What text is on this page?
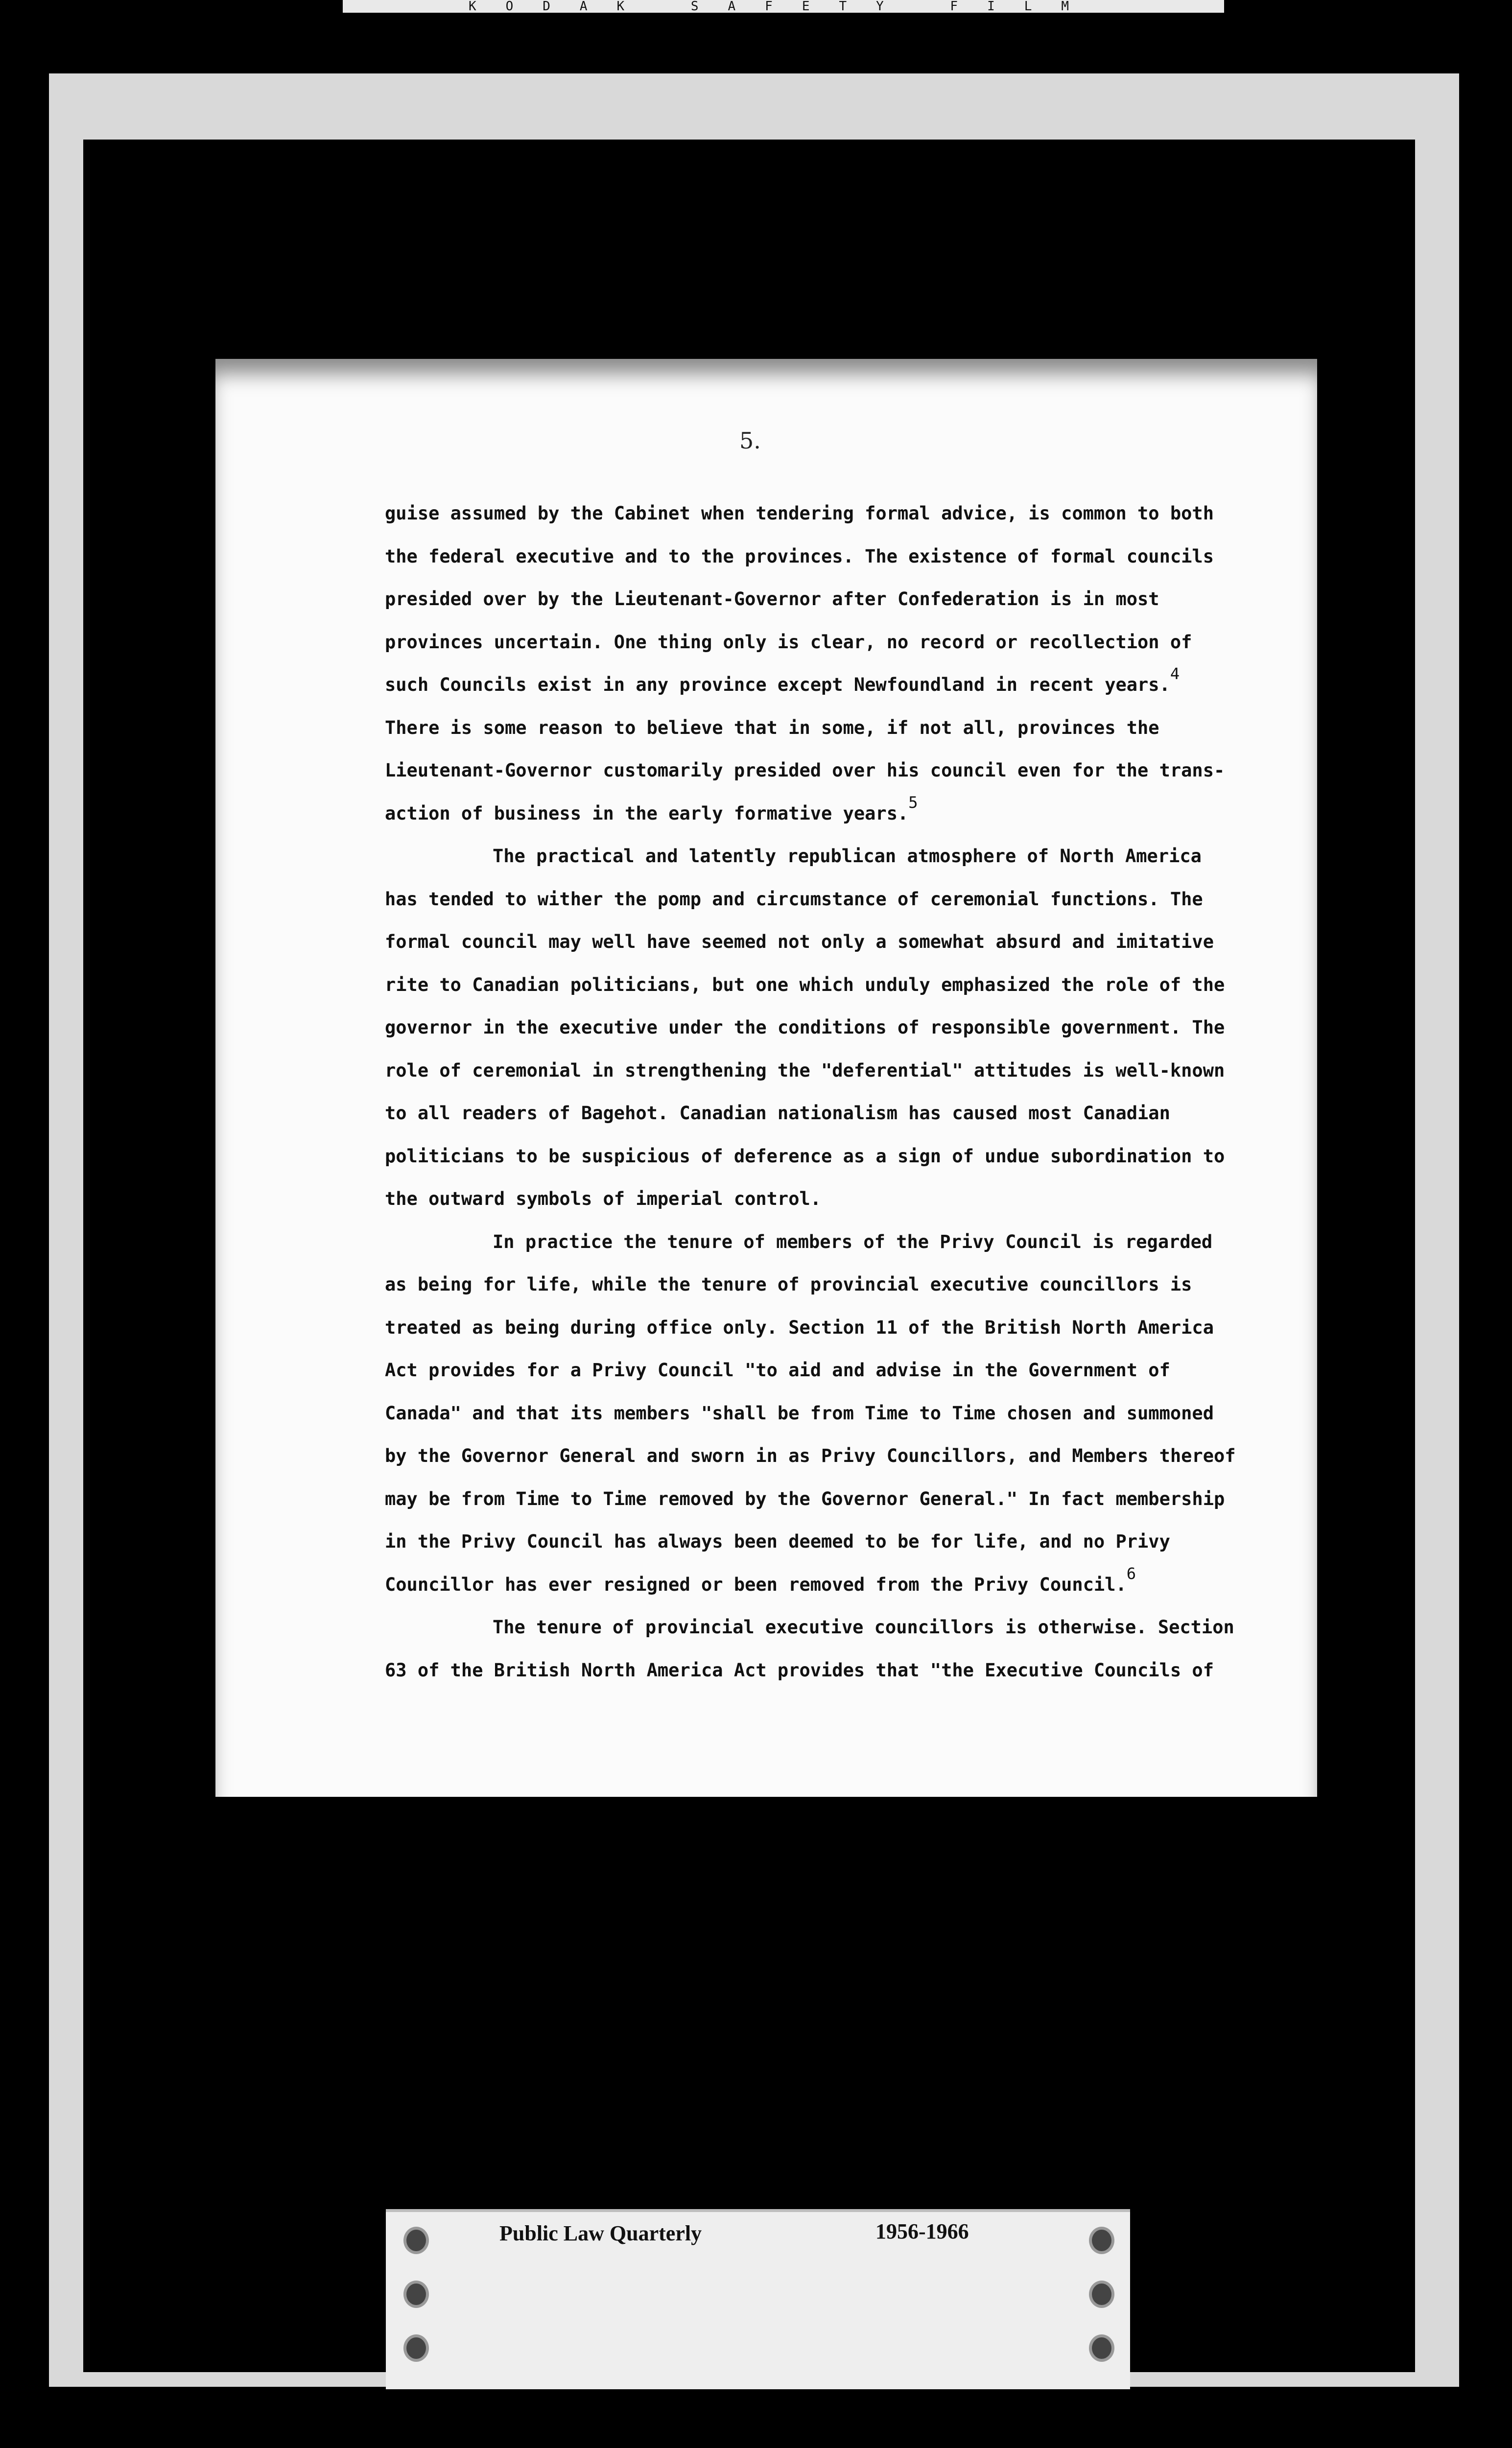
KODAK SAFETY FILM
5.
guise assumed by the Cabinet when tendering formal advice, is common to both
the federal executive and to the provinces. The existence of formal councils
presided over by the Lieutenant-Governor after Confederation is in most
provinces uncertain. One thing only is clear, no record or recollection of
such Councils exist in any province except Newfoundland in recent years.$^4$
There is some reason to believe that in some, if not all, provinces the
Lieutenant-Governor customarily presided over his council even for the trans-
action of business in the early formative years.$^5$
The practical and latently republican atmosphere of North America
has tended to wither the pomp and circumstance of ceremonial functions. The
formal council may well have seemed not only a somewhat absurd and imitative
rite to Canadian politicians, but one which unduly emphasized the role of the
governor in the executive under the conditions of responsible government. The
role of ceremonial in strengthening the "deferential" attitudes is well-known
to all readers of Bagehot. Canadian nationalism has caused most Canadian
politicians to be suspicious of deference as a sign of undue subordination to
the outward symbols of imperial control.
In practice the tenure of members of the Privy Council is regarded
as being for life, while the tenure of provincial executive councillors is
treated as being during office only. Section 11 of the British North America
Act provides for a Privy Council "to aid and advise in the Government of
Canada" and that its members "shall be from Time to Time chosen and summoned
by the Governor General and sworn in as Privy Councillors, and Members thereof
may be from Time to Time removed by the Governor General." In fact membership
in the Privy Council has always been deemed to be for life, and no Privy
Councillor has ever resigned or been removed from the Privy Council.$^6$
The tenure of provincial executive councillors is otherwise. Section
63 of the British North America Act provides that "the Executive Councils of
Public Law Quarterly	1956-1966
